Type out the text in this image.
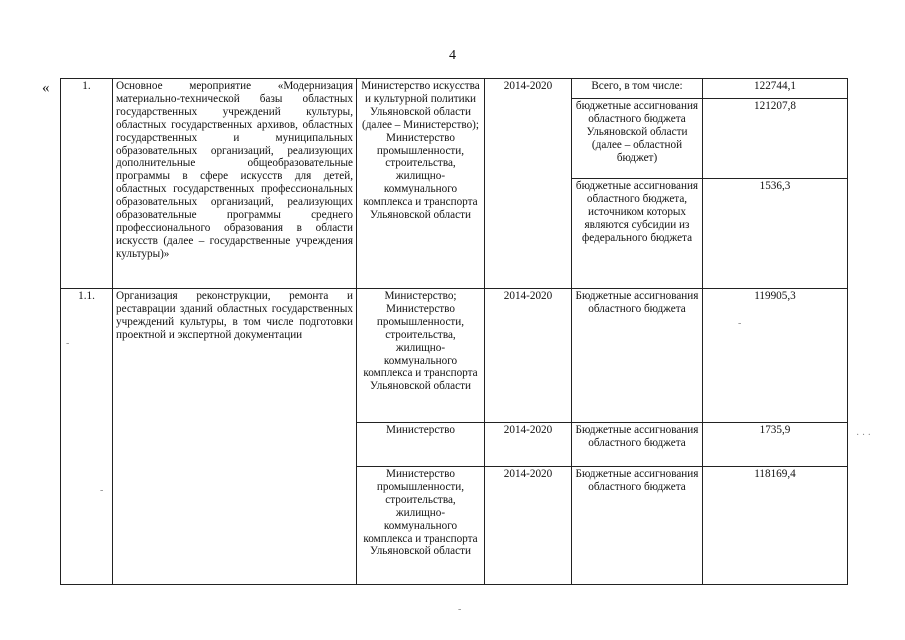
4
«	1.	Основное мероприятие «Модернизация материально-технической базы областных государственных учреждений культуры, областных государственных архивов, областных государственных и муниципальных образовательных организаций, реализующих дополнительные общеобразовательные программы в сфере искусств для детей, областных государственных профессиональных образовательных организаций, реализующих образовательные программы среднего профессионального образования в области искусств (далее – государственные учреждения культуры)»	Министерство искусства и культурной политики Ульяновской области (далее – Министерство); Министерство промышленности, строительства, жилищно-коммунального комплекса и транспорта Ульяновской области	2014-2020	Всего, в том числе:	122744,1
				бюджетные ассигнования областного бюджета Ульяновской области (далее – областной бюджет)	121207,8
				бюджетные ассигнования областного бюджета, источником которых являются субсидии из федерального бюджета	1536,3
1.1.	Организация реконструкции, ремонта и реставрации зданий областных государственных учреждений культуры, в том числе подготовки проектной и экспертной документации	Министерство; Министерство промышленности, строительства, жилищно-коммунального комплекса и транспорта Ульяновской области	2014-2020	Бюджетные ассигнования областного бюджета	119905,3
		Министерство	2014-2020	Бюджетные ассигнования областного бюджета	1735,9
		Министерство промышленности, строительства, жилищно-коммунального комплекса и транспорта Ульяновской области	2014-2020	Бюджетные ассигнования областного бюджета	118169,4
-
-
-
· · ·
-
